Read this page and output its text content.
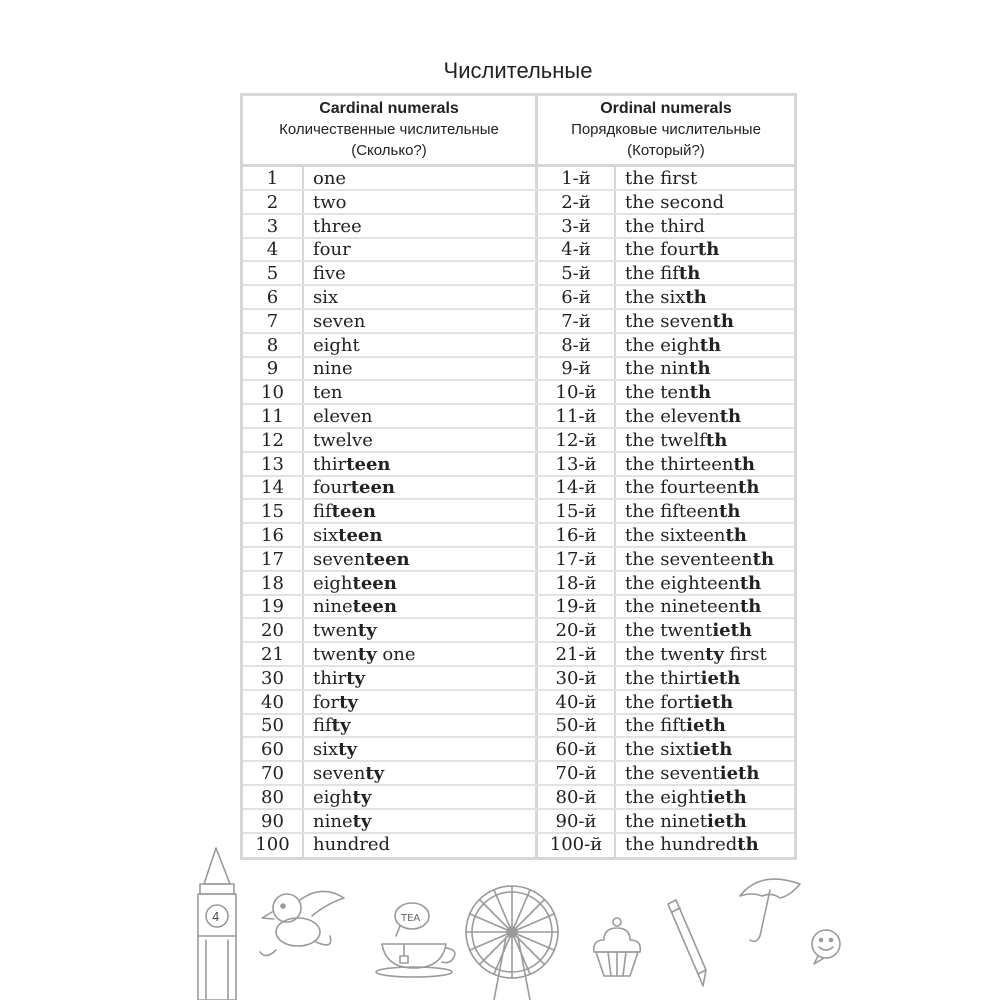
Числительные
Cardinal numerals
Количественные числительные
(Сколько?)
Ordinal numerals
Порядковые числительные
(Который?)
1	one	1-й	the first
2	two	2-й	the second
3	three	3-й	the third
4	four	4-й	the fourth
5	five	5-й	the fifth
6	six	6-й	the sixth
7	seven	7-й	the seventh
8	eight	8-й	the eighth
9	nine	9-й	the ninth
10	ten	10-й	the tenth
11	eleven	11-й	the eleventh
12	twelve	12-й	the twelfth
13	thirteen	13-й	the thirteenth
14	fourteen	14-й	the fourteenth
15	fifteen	15-й	the fifteenth
16	sixteen	16-й	the sixteenth
17	seventeen	17-й	the seventeenth
18	eighteen	18-й	the eighteenth
19	nineteen	19-й	the nineteenth
20	twenty	20-й	the twentieth
21	twenty one	21-й	the twenty first
30	thirty	30-й	the thirtieth
40	forty	40-й	the fortieth
50	fifty	50-й	the fiftieth
60	sixty	60-й	the sixtieth
70	seventy	70-й	the seventieth
80	eighty	80-й	the eightieth
90	ninety	90-й	the ninetieth
100	hundred	100-й	the hundredth
4	TEA
